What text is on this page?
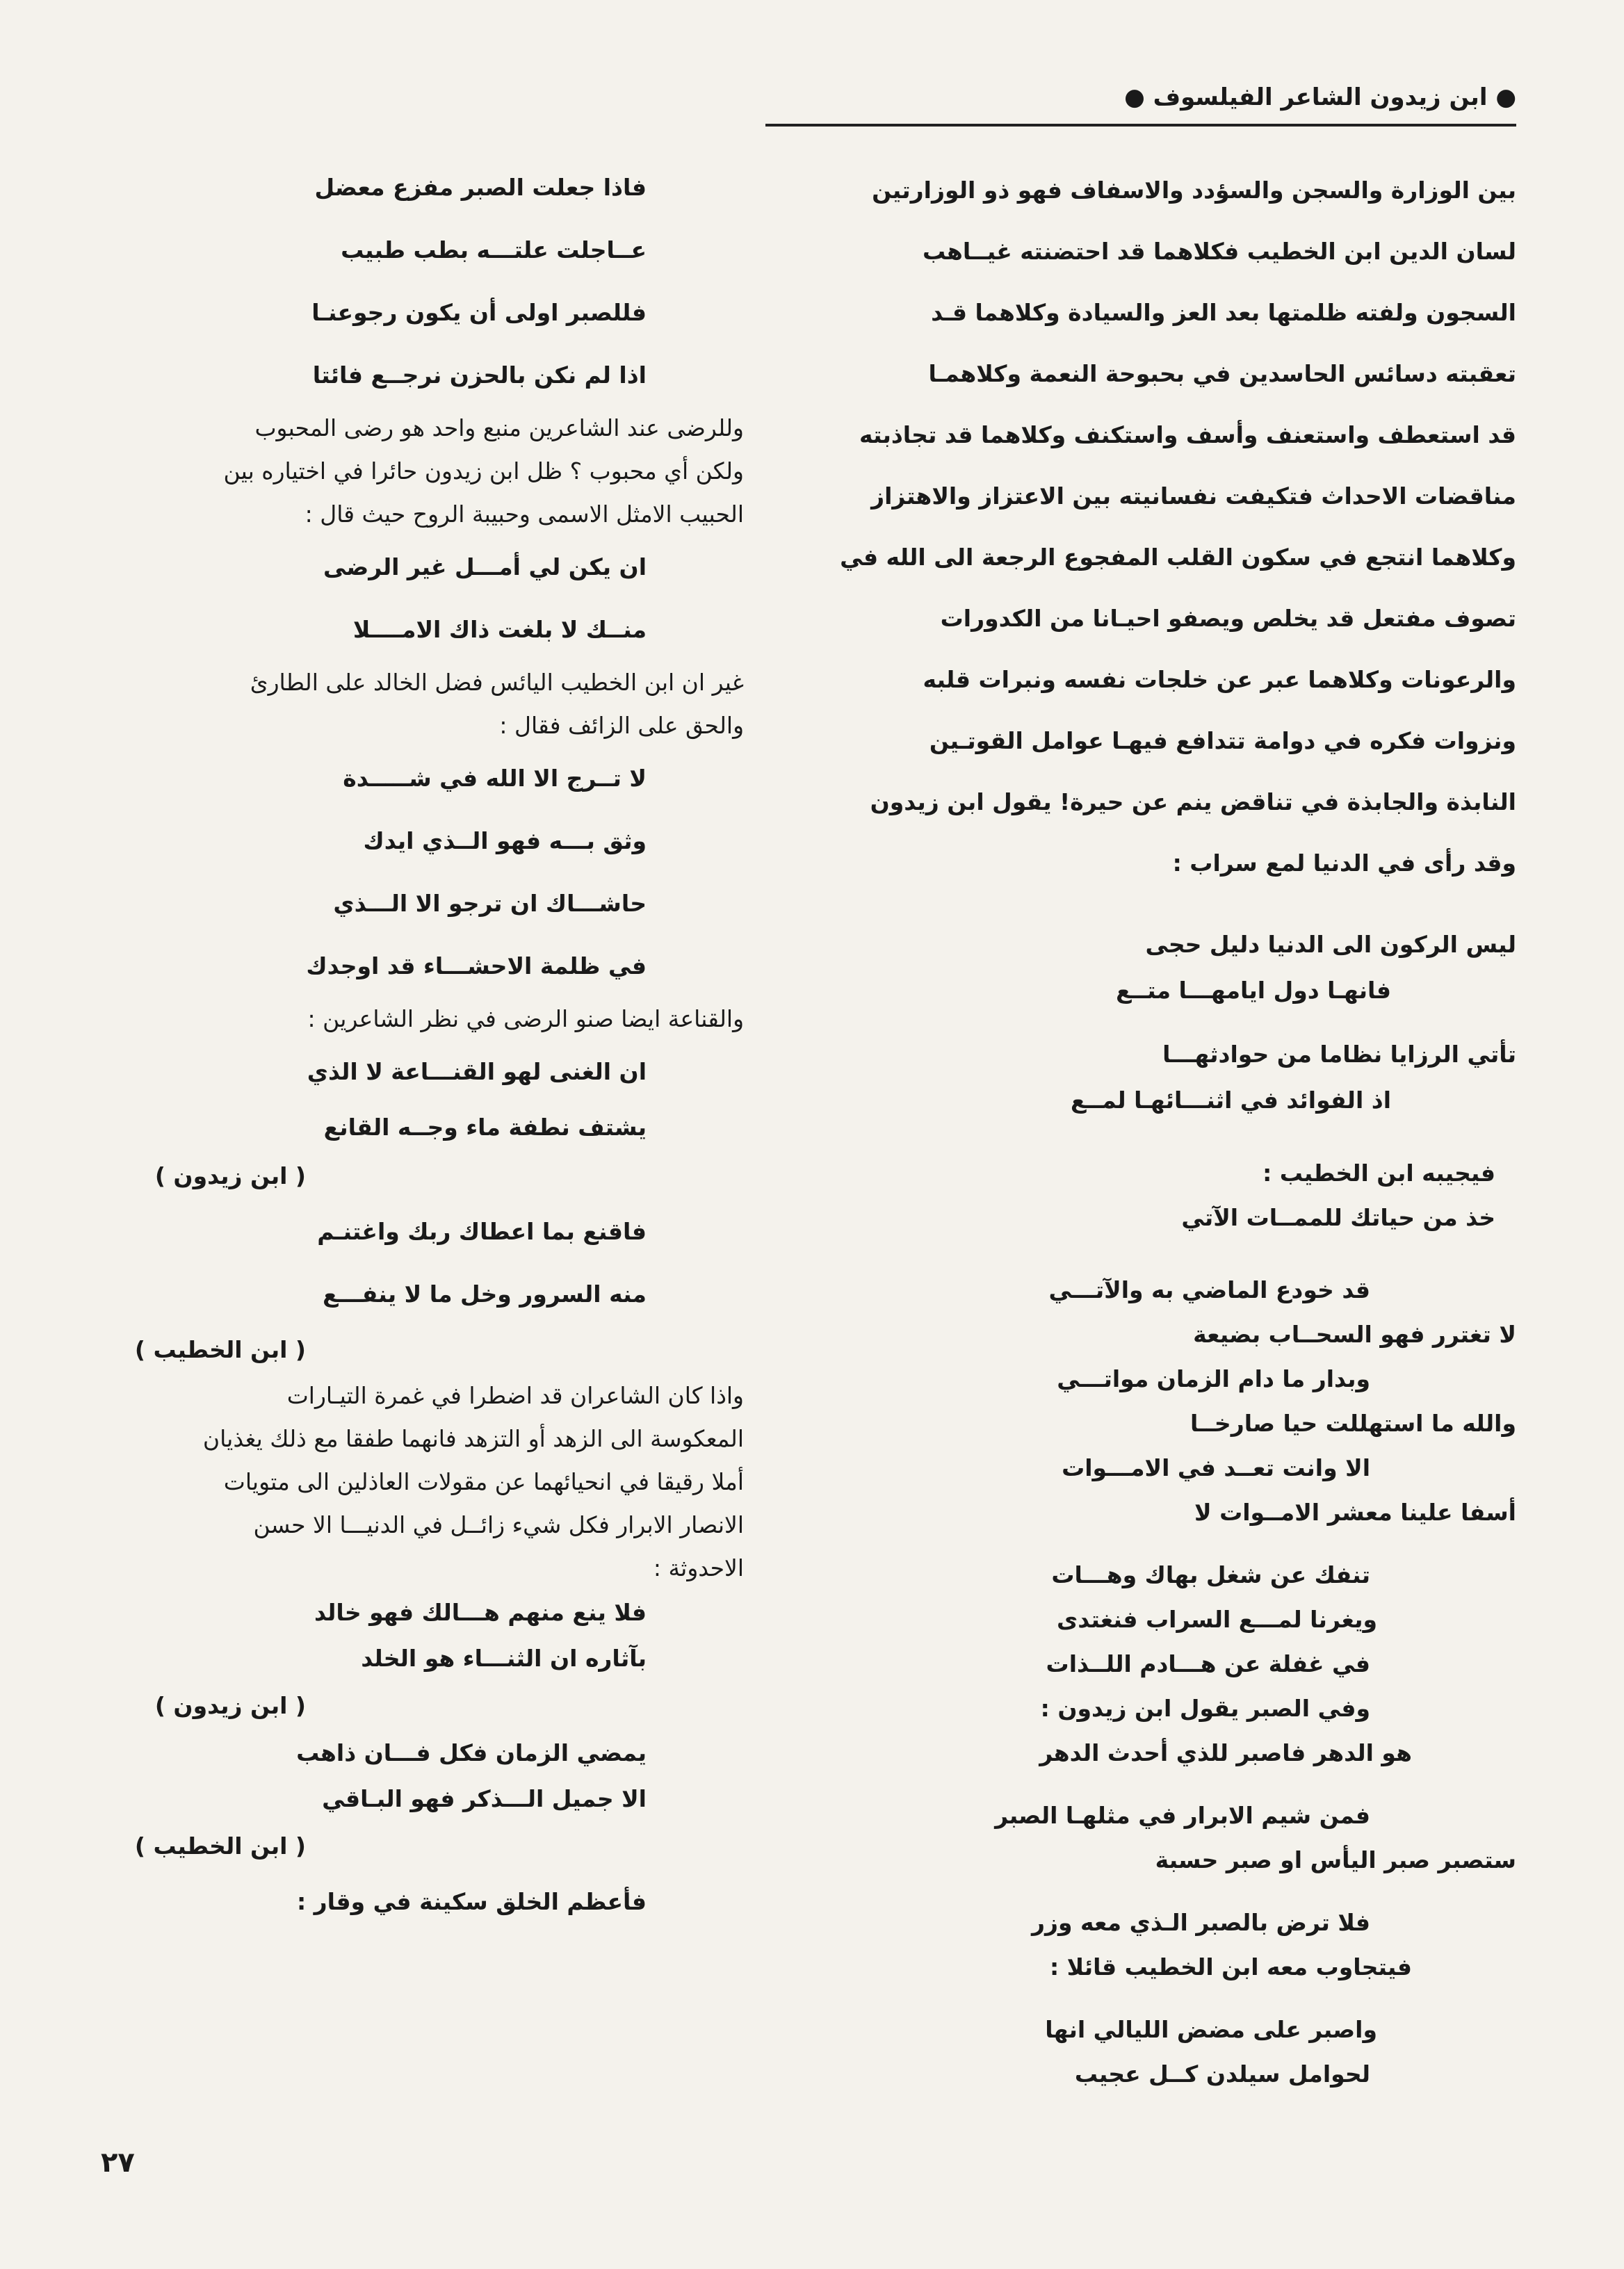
● ابن زيدون الشاعر الفيلسوف ●
بين الوزارة والسجن والسؤدد والاسفاف فهو ذو الوزارتين
لسان الدين ابن الخطيب فكلاهما قد احتضنته غيــاهب
السجون ولفته ظلمتها بعد العز والسيادة وكلاهما قـد
تعقبته دسائس الحاسدين في بحبوحة النعمة وكلاهمـا
قد استعطف واستعنف وأسف واستكنف وكلاهما قد تجاذبته
مناقضات الاحداث فتكيفت نفسانيته بين الاعتزاز والاهتزاز
وكلاهما انتجع في سكون القلب المفجوع الرجعة الى الله في
تصوف مفتعل قد يخلص ويصفو احيـانا من الكدورات
والرعونات وكلاهما عبر عن خلجات نفسه ونبرات قلبه
ونزوات فكره في دوامة تتدافع فيهـا عوامل القوتـين
النابذة والجابذة في تناقض ينم عن حيرة! يقول ابن زيدون
وقد رأى في الدنيا لمع سراب :
ليس الركون الى الدنيا دليل حجى
فانهـا دول ايامهـــا متــع
تأتي الرزايا نظاما من حوادثهـــا
اذ الفوائد في اثنـــائهـا لمــع
فيجيبه ابن الخطيب :
خذ من حياتك للممــات الآتي
قد خودع الماضي به والآتـــي
لا تغترر فهو السحــاب بضيعة
وبدار ما دام الزمان مواتـــي
والله ما استهللت حيا صارخــا
الا وانت تعــد في الامـــوات
أسفا علينا معشر الامــوات لا
تنفك عن شغل بهاك وهـــات
ويغرنا لمـــع السراب فنغتدى
في غفلة عن هـــادم اللــذات
وفي الصبر يقول ابن زيدون :
هو الدهر فاصبر للذي أحدث الدهر
فمن شيم الابرار في مثلهـا الصبر
ستصبر صبر اليأس او صبر حسبة
فلا ترض بالصبر الـذي معه وزر
فيتجاوب معه ابن الخطيب قائلا :
واصبر على مضض الليالي انها
لحوامل سيلدن كــل عجيب
فاذا جعلت الصبر مفزع معضل
عــاجلت علتـــه بطب طبيب
فللصبر اولى أن يكون رجوعنـا
اذا لم نكن بالحزن نرجــع فائتا
وللرضى عند الشاعرين منبع واحد هو رضى المحبوب
ولكن أي محبوب ؟ ظل ابن زيدون حائرا في اختياره بين
الحبيب الامثل الاسمى وحبيبة الروح حيث قال :
ان يكن لي أمـــل غير الرضى
منــك لا بلغت ذاك الامــــلا
غير ان ابن الخطيب اليائس فضل الخالد على الطارئ
والحق على الزائف فقال :
لا تــرج الا الله في شـــــدة
وثق بـــه فهو الــذي ايدك
حاشـــاك ان ترجو الا الـــذي
في ظلمة الاحشـــاء قد اوجدك
والقناعة ايضا صنو الرضى في نظر الشاعرين :
ان الغنى لهو القنـــاعة لا الذي
يشتف نطفة ماء وجــه القانع
( ابن زيدون )
فاقنع بما اعطاك ربك واغتنـم
منه السرور وخل ما لا ينفـــع
( ابن الخطيب )
واذا كان الشاعران قد اضطرا في غمرة التيـارات
المعكوسة الى الزهد أو التزهد فانهما طفقا مع ذلك يغذيان
أملا رقيقا في انحيائهما عن مقولات العاذلين الى متويات
الانصار الابرار فكل شيء زائــل في الدنيـــا الا حسن
الاحدوثة :
فلا ينع منهم هـــالك فهو خالد
بآثاره ان الثنـــاء هو الخلد
( ابن زيدون )
يمضي الزمان فكل فـــان ذاهب
الا جميل الـــذكر فهو البـاقي
( ابن الخطيب )
فأعظم الخلق سكينة في وقار :
٢٧
